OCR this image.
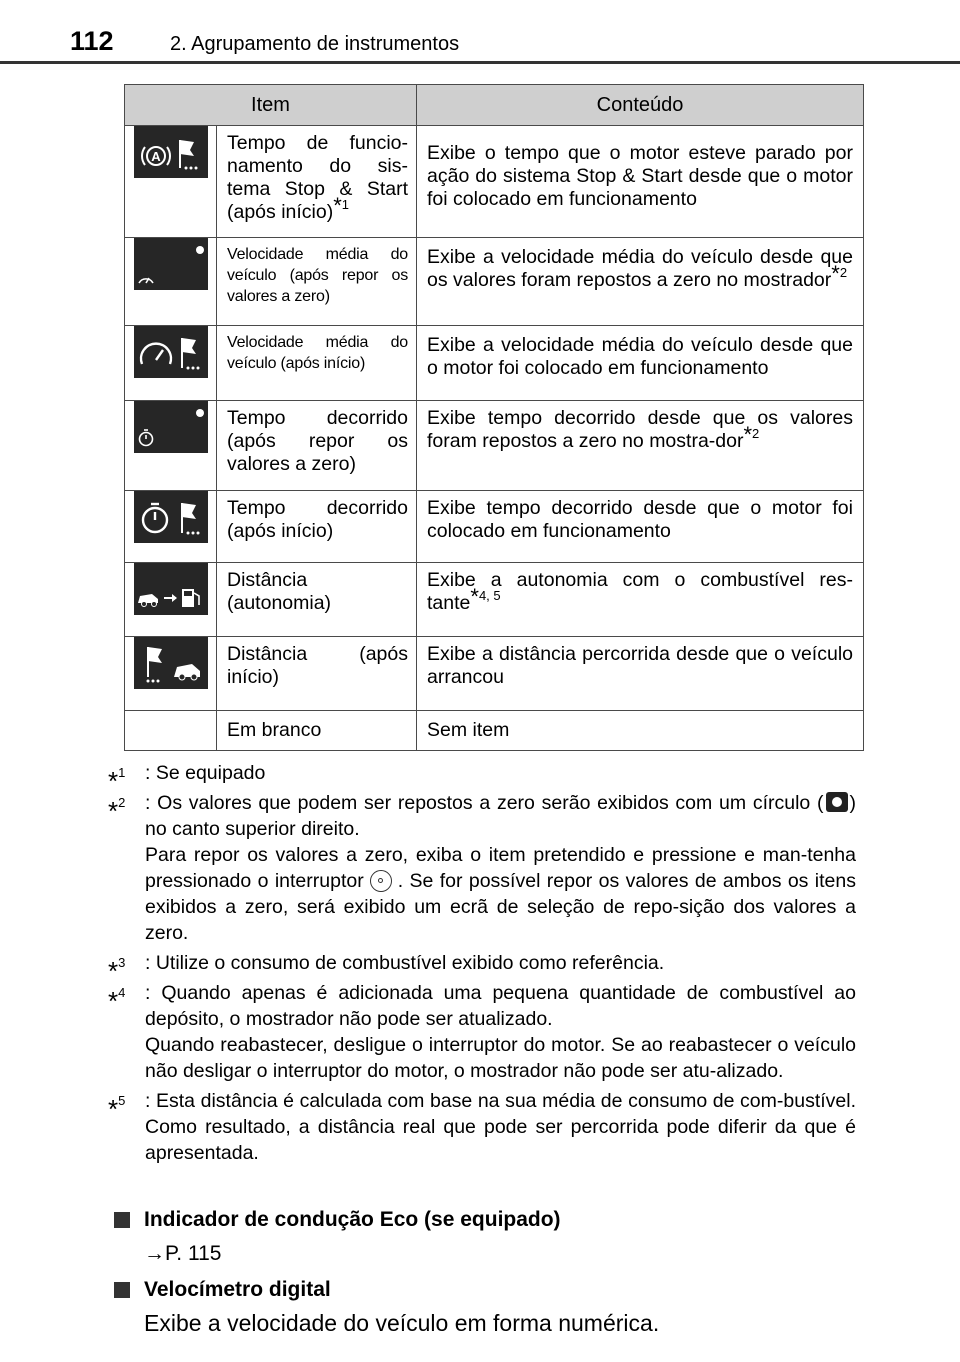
112	2. Agrupamento de instrumentos
Item		Conteúdo

A	Tempo de funcio-namento do sis-tema Stop & Start (após início)$^{*1}$	Exibe o tempo que o motor esteve parado por ação do sistema Stop & Start desde que o motor foi colocado em funcionamento

	Velocidade média do veículo (após repor os valores a zero)	Exibe a velocidade média do veículo desde que os valores foram repostos a zero no mostrador$^{*2}$

	Velocidade média do veículo (após início)	Exibe a velocidade média do veículo desde que o motor foi colocado em funcionamento

	Tempo decorrido (após repor os valores a zero)	Exibe tempo decorrido desde que os valores foram repostos a zero no mostra-dor$^{*2}$

	Tempo decorrido (após início)	Exibe tempo decorrido desde que o motor foi colocado em funcionamento

	Distância (autonomia)	Exibe a autonomia com o combustível res-tante$^{*4, 5}$

	Distância (após início)	Exibe a distância percorrida desde que o veículo arrancou
	Em branco	Sem item
*$^1$ : Se equipado

*$^2$ : Os valores que podem ser repostos a zero serão exibidos com um círculo ( ) no canto superior direito.

Para repor os valores a zero, exiba o item pretendido e pressione e man-tenha pressionado o interruptor . Se for possível repor os valores de ambos os itens exibidos a zero, será exibido um ecrã de seleção de repo-sição dos valores a zero.

*$^3$ : Utilize o consumo de combustível exibido como referência.

*$^4$ : Quando apenas é adicionada uma pequena quantidade de combustível ao depósito, o mostrador não pode ser atualizado.

Quando reabastecer, desligue o interruptor do motor. Se ao reabastecer o veículo não desligar o interruptor do motor, o mostrador não pode ser atu-alizado.

*$^5$ : Esta distância é calculada com base na sua média de consumo de com-bustível. Como resultado, a distância real que pode ser percorrida pode diferir da que é apresentada.

Indicador de condução Eco (se equipado)
→P. 115
Velocímetro digital
Exibe a velocidade do veículo em forma numérica.
